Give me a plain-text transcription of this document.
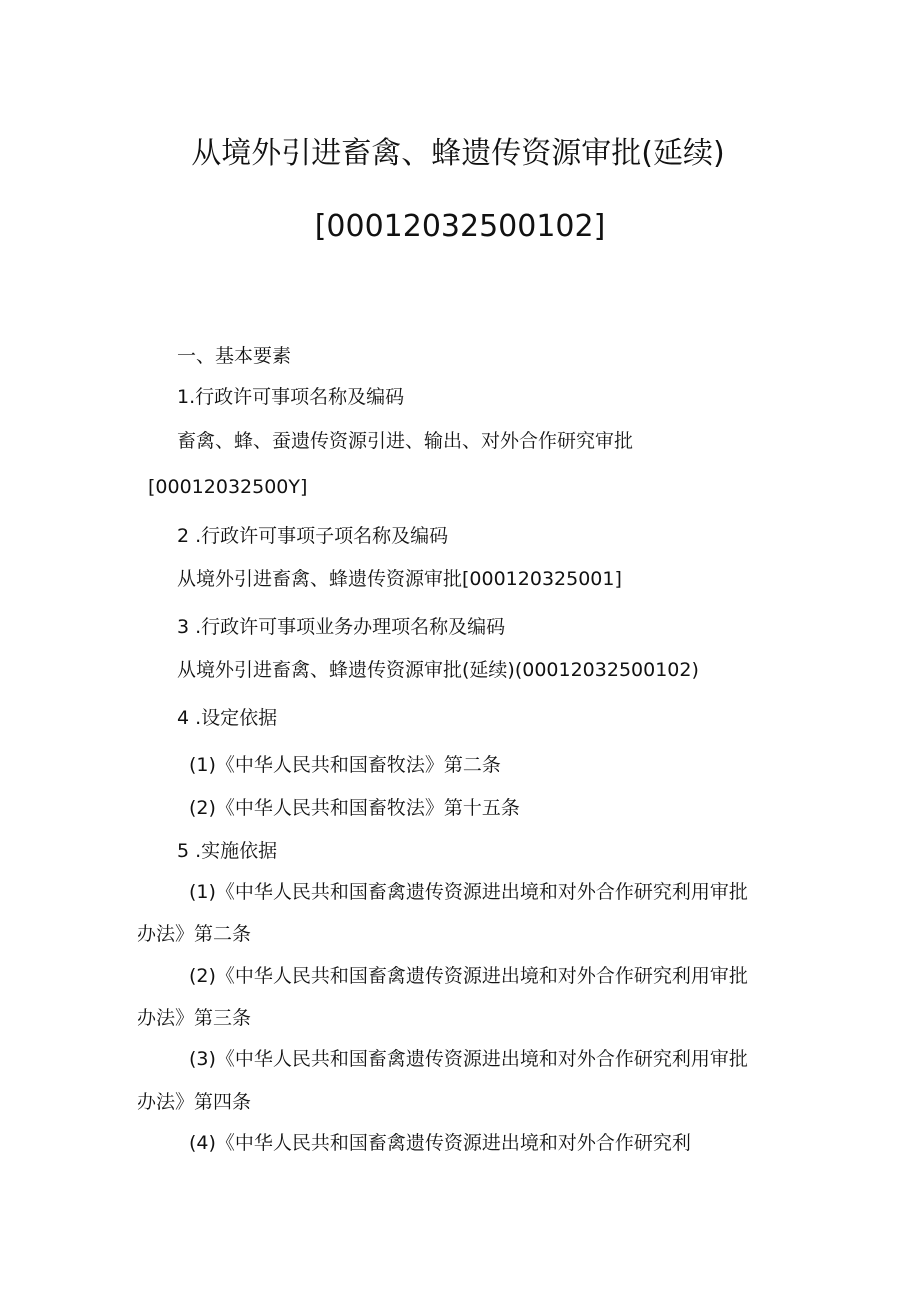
从境外引进畜禽、蜂遗传资源审批(延续)
[00012032500102]
一、基本要素
1.行政许可事项名称及编码
畜禽、蜂、蚕遗传资源引进、输出、对外合作研究审批
[00012032500Y]
2 .行政许可事项子项名称及编码
从境外引进畜禽、蜂遗传资源审批[000120325001]
3 .行政许可事项业务办理项名称及编码
从境外引进畜禽、蜂遗传资源审批(延续)(00012032500102)
4 .设定依据
(1)《中华人民共和国畜牧法》第二条
(2)《中华人民共和国畜牧法》第十五条
5 .实施依据
(1)《中华人民共和国畜禽遗传资源进出境和对外合作研究利用审批
办法》第二条
(2)《中华人民共和国畜禽遗传资源进出境和对外合作研究利用审批
办法》第三条
(3)《中华人民共和国畜禽遗传资源进出境和对外合作研究利用审批
办法》第四条
(4)《中华人民共和国畜禽遗传资源进出境和对外合作研究利
